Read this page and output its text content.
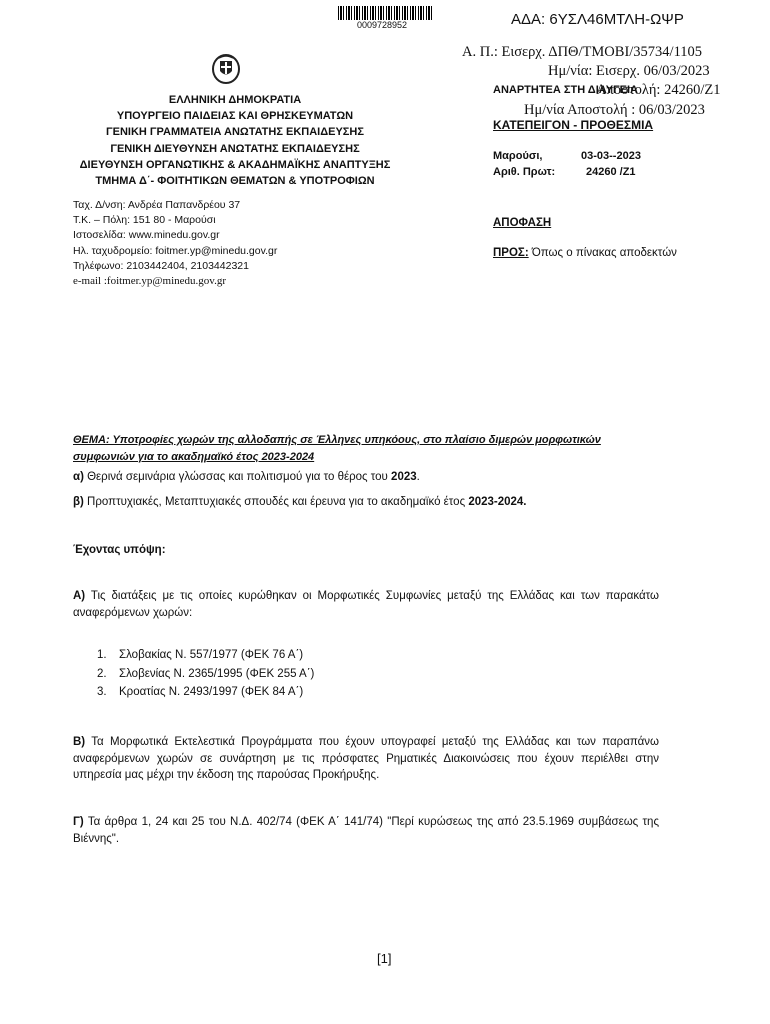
0009728952	ΑΔΑ: 6ΥΣΛ46ΜΤΛΗ-ΩΨΡ
Α. Π.: Εισερχ. ΔΠΘ/ΤΜΟΒΙ/35734/1105
Ημ/νία: Εισερχ. 06/03/2023
Αποστολή: 24260/Ζ1
Ημ/νία Αποστολή : 06/03/2023
ΑΝΑΡΤΗΤΕΑ ΣΤΗ ΔΙΑΥΓΕΙΑ
ΚΑΤΕΠΕΙΓΟΝ - ΠΡΟΘΕΣΜΙΑ
ΕΛΛΗΝΙΚΗ ΔΗΜΟΚΡΑΤΙΑ
ΥΠΟΥΡΓΕΙΟ ΠΑΙΔΕΙΑΣ ΚΑΙ ΘΡΗΣΚΕΥΜΑΤΩΝ
ΓΕΝΙΚΗ ΓΡΑΜΜΑΤΕΙΑ ΑΝΩΤΑΤΗΣ ΕΚΠΑΙΔΕΥΣΗΣ
ΓΕΝΙΚΗ ΔΙΕΥΘΥΝΣΗ ΑΝΩΤΑΤΗΣ ΕΚΠΑΙΔΕΥΣΗΣ
ΔΙΕΥΘΥΝΣΗ ΟΡΓΑΝΩΤΙΚΗΣ & ΑΚΑΔΗΜΑΪΚΗΣ ΑΝΑΠΤΥΞΗΣ
ΤΜΗΜΑ Δ΄- ΦΟΙΤΗΤΙΚΩΝ ΘΕΜΑΤΩΝ & ΥΠΟΤΡΟΦΙΩΝ
Μαρούσι,	03-03--2023
Αριθ. Πρωτ:	24260 /Ζ1
Ταχ. Δ/νση: Ανδρέα Παπανδρέου 37
Τ.Κ. – Πόλη: 151 80 - Μαρούσι
Ιστοσελίδα: www.minedu.gov.gr
Ηλ. ταχυδρομείο: foitmer.yp@minedu.gov.gr
Τηλέφωνο: 2103442404, 2103442321
e-mail :foitmer.yp@minedu.gov.gr
ΑΠΟΦΑΣΗ
ΠΡΟΣ: Όπως ο πίνακας αποδεκτών
ΘΕΜΑ: Υποτροφίες χωρών της αλλοδαπής σε Έλληνες υπηκόους, στο πλαίσιο διμερών μορφωτικών συμφωνιών για το ακαδημαϊκό έτος 2023-2024
α) Θερινά σεμινάρια γλώσσας και πολιτισμού για το θέρος του 2023.
β) Προπτυχιακές, Μεταπτυχιακές σπουδές και έρευνα για το ακαδημαϊκό έτος 2023-2024.
Έχοντας υπόψη:
Α) Τις διατάξεις με τις οποίες κυρώθηκαν οι Μορφωτικές Συμφωνίες μεταξύ της Ελλάδας και των παρακάτω αναφερόμενων χωρών:
1. Σλοβακίας Ν. 557/1977 (ΦΕΚ 76 Α΄)
2. Σλοβενίας Ν. 2365/1995 (ΦΕΚ 255 Α΄)
3. Κροατίας Ν. 2493/1997 (ΦΕΚ 84 Α΄)
Β) Τα Μορφωτικά Εκτελεστικά Προγράμματα που έχουν υπογραφεί μεταξύ της Ελλάδας και των παραπάνω αναφερόμενων χωρών σε συνάρτηση με τις πρόσφατες Ρηματικές Διακοινώσεις που έχουν περιέλθει στην υπηρεσία μας μέχρι την έκδοση της παρούσας Προκήρυξης.
Γ) Τα άρθρα 1, 24 και 25 του Ν.Δ. 402/74 (ΦΕΚ Α΄ 141/74) "Περί κυρώσεως της από 23.5.1969 συμβάσεως της Βιέννης".
[1]
